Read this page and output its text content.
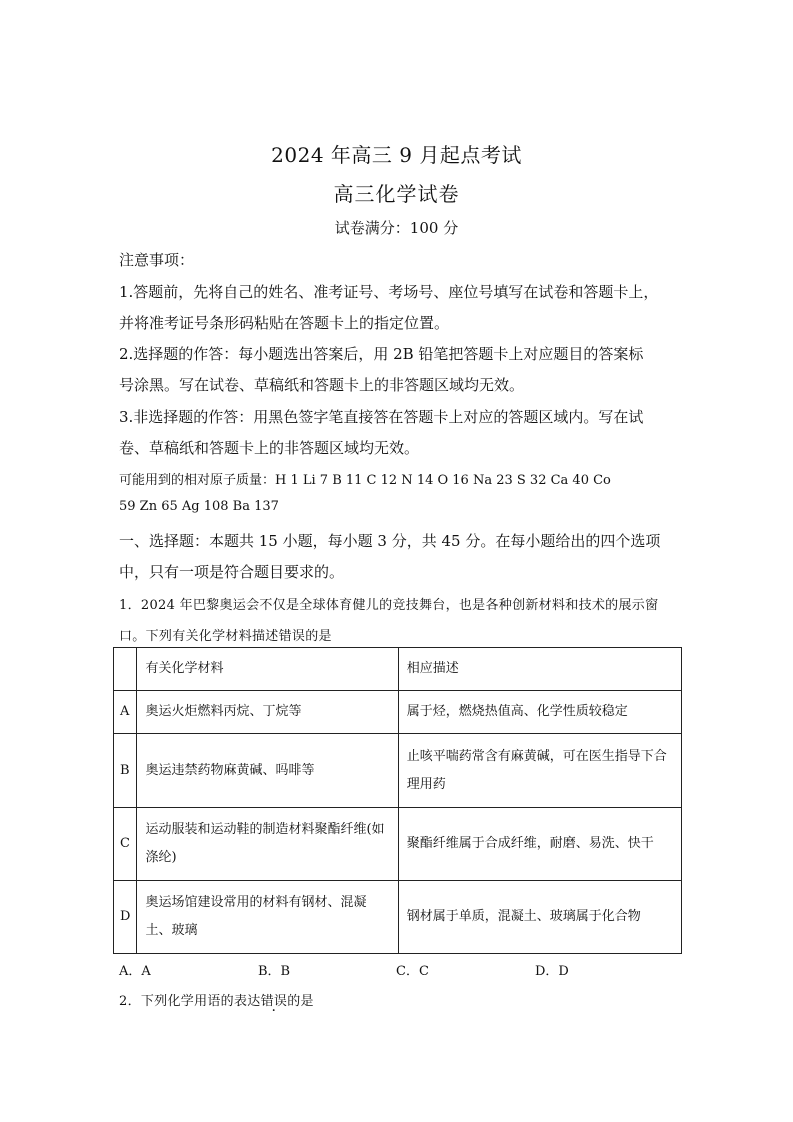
2024 年高三 9 月起点考试
高三化学试卷
试卷满分：100 分
注意事项：
1.答题前，先将自己的姓名、准考证号、考场号、座位号填写在试卷和答题卡上，
并将准考证号条形码粘贴在答题卡上的指定位置。
2.选择题的作答：每小题选出答案后，用 2B 铅笔把答题卡上对应题目的答案标
号涂黑。写在试卷、草稿纸和答题卡上的非答题区域均无效。
3.非选择题的作答：用黑色签字笔直接答在答题卡上对应的答题区域内。写在试
卷、草稿纸和答题卡上的非答题区域均无效。
可能用到的相对原子质量：H 1 Li 7 B 11 C 12 N 14 O 16 Na 23 S 32 Ca 40 Co
59 Zn 65 Ag 108 Ba 137
一、选择题：本题共 15 小题，每小题 3 分，共 45 分。在每小题给出的四个选项
中，只有一项是符合题目要求的。
1．2024 年巴黎奥运会不仅是全球体育健儿的竞技舞台，也是各种创新材料和技术的展示窗
口。下列有关化学材料描述错误的是
	有关化学材料	相应描述
A	奥运火炬燃料丙烷、丁烷等	属于烃，燃烧热值高、化学性质较稳定
B	奥运违禁药物麻黄碱、吗啡等	止咳平喘药常含有麻黄碱，可在医生指导下合理用药
C	运动服装和运动鞋的制造材料聚酯纤维(如涤纶)	聚酯纤维属于合成纤维，耐磨、易洗、快干
D	奥运场馆建设常用的材料有钢材、混凝土、玻璃	钢材属于单质，混凝土、玻璃属于化合物
A．A	B．B	C．C	D．D
2．下列化学用语的表达错误的是
